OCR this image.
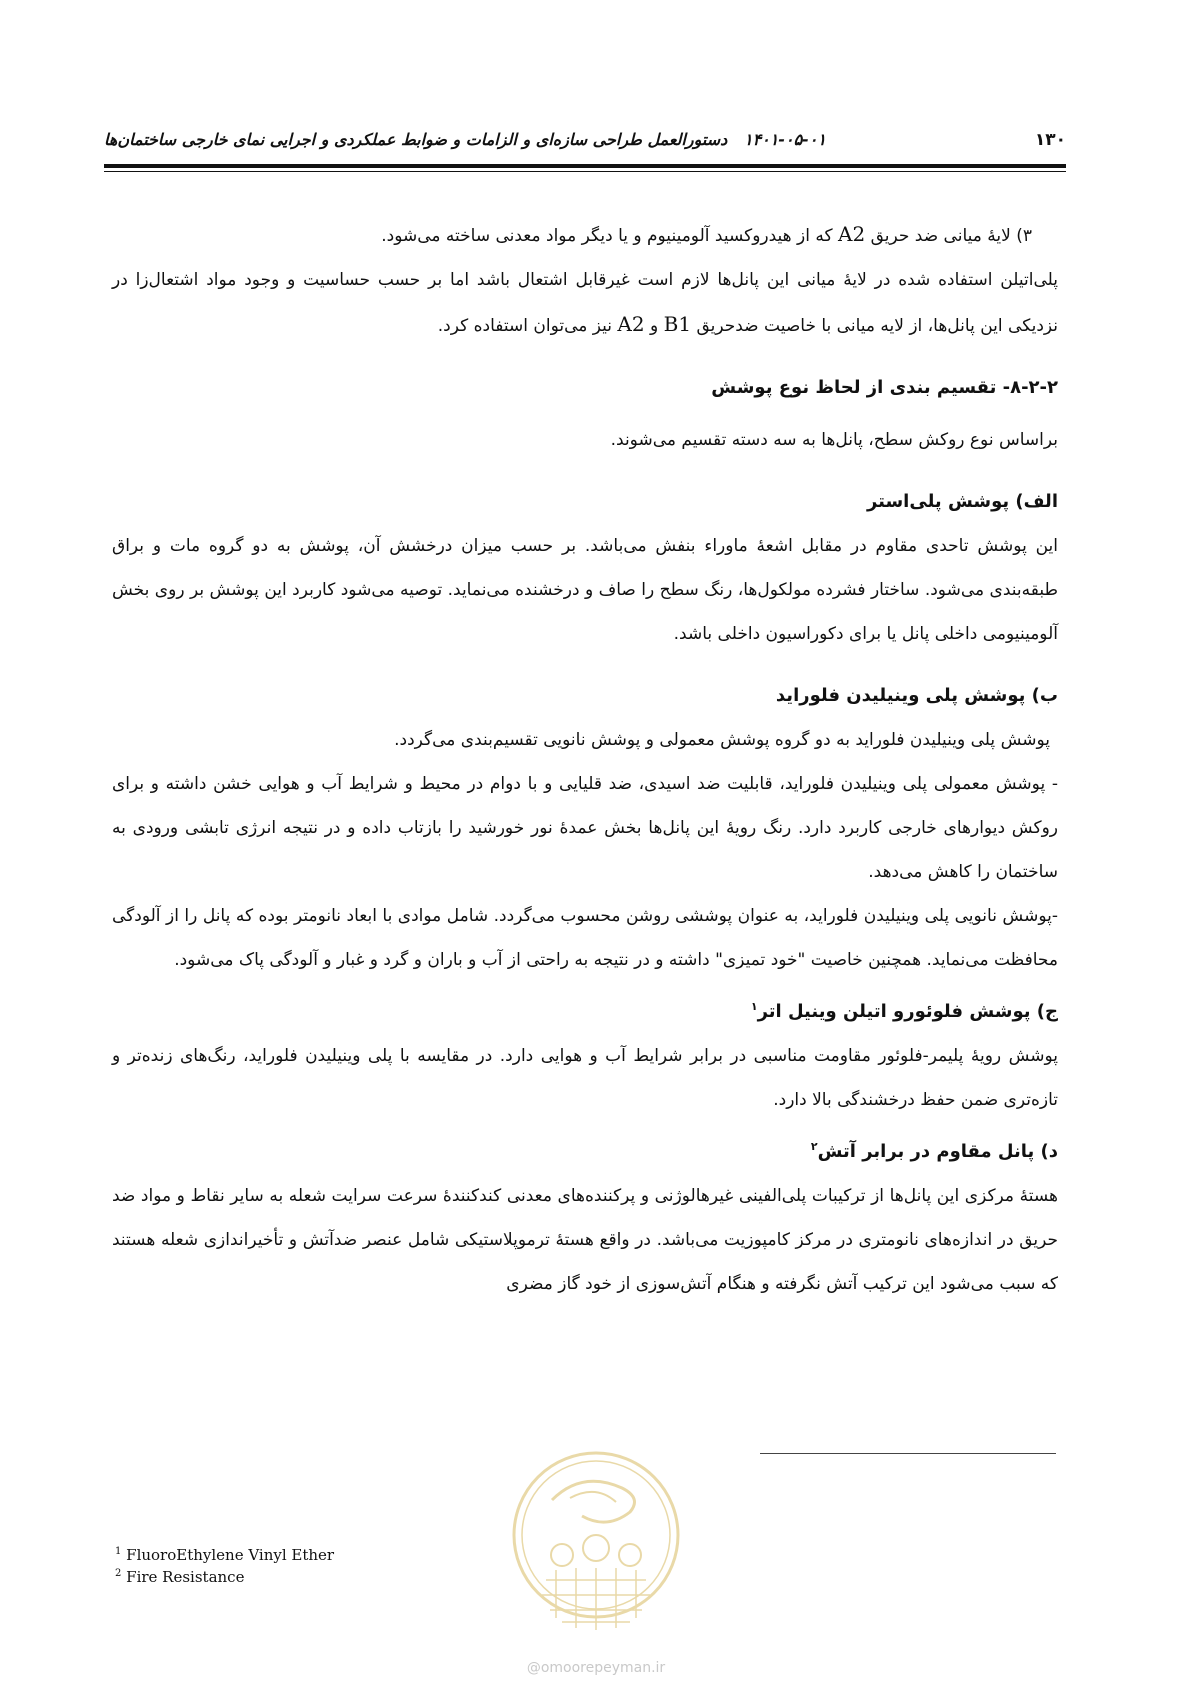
۱۳۰
۱۴۰۱-۰۵-۰۱
دستورالعمل طراحی سازه‌ای و الزامات و ضوابط عملکردی و اجرایی نمای خارجی ساختمان‌ها

۳) لایهٔ میانی ضد حریق A2 که از هیدروکسید آلومینیوم و یا دیگر مواد معدنی ساخته می‌شود.

پلی‌اتیلن استفاده شده در لایهٔ میانی این پانل‌ها لازم است غیرقابل اشتعال باشد اما بر حسب حساسیت و وجود مواد اشتعال‌زا در نزدیکی این پانل‌ها، از لایه میانی با خاصیت ضدحریق B1 و A2 نیز می‌توان استفاده کرد.

۸-۲-۲- تقسیم بندی از لحاظ نوع پوشش

براساس نوع روکش سطح، پانل‌ها به سه دسته تقسیم می‌شوند.

الف) پوشش پلی‌استر

این پوشش تاحدی مقاوم در مقابل اشعهٔ ماوراء بنفش می‌باشد. بر حسب میزان درخشش آن، پوشش به دو گروه مات و براق طبقه‌بندی می‌شود. ساختار فشرده مولکول‌ها، رنگ سطح را صاف و درخشنده می‌نماید. توصیه می‌شود کاربرد این پوشش بر روی بخش آلومینیومی داخلی پانل یا برای دکوراسیون داخلی باشد.

ب) پوشش پلی وینیلیدن فلوراید

پوشش پلی وینیلیدن فلوراید به دو گروه پوشش معمولی و پوشش نانویی تقسیم‌بندی می‌گردد.

- پوشش معمولی پلی وینیلیدن فلوراید، قابلیت ضد اسیدی، ضد قلیایی و با دوام در محیط و شرایط آب و هوایی خشن داشته و برای روکش دیوارهای خارجی کاربرد دارد. رنگ رویهٔ این پانل‌ها بخش عمدهٔ نور خورشید را بازتاب داده و در نتیجه انرژی تابشی ورودی به ساختمان را کاهش می‌دهد.

-پوشش نانویی پلی وینیلیدن فلوراید، به عنوان پوششی روشن محسوب می‌گردد. شامل موادی با ابعاد نانومتر بوده که پانل را از آلودگی محافظت می‌نماید. همچنین خاصیت "خود تمیزی" داشته و در نتیجه به راحتی از آب و باران و گرد و غبار و آلودگی پاک می‌شود.

ج) پوشش فلوئورو اتیلن وینیل اتر$^۱$

پوشش رویهٔ پلیمر-فلوئور مقاومت مناسبی در برابر شرایط آب و هوایی دارد. در مقایسه با پلی وینیلیدن فلوراید، رنگ‌های زنده‌تر و تازه‌تری ضمن حفظ درخشندگی بالا دارد.

د) پانل مقاوم در برابر آتش$^۲$

هستهٔ مرکزی این پانل‌ها از ترکیبات پلی‌الفینی غیرهالوژنی و پرکننده‌های معدنی کندکنندهٔ سرعت سرایت شعله به سایر نقاط و مواد ضد حریق در اندازه‌های نانومتری در مرکز کامپوزیت می‌باشد. در واقع هستهٔ ترموپلاستیکی شامل عنصر ضدآتش و تأخیراندازی شعله هستند که سبب می‌شود این ترکیب آتش نگرفته و هنگام آتش‌سوزی از خود گاز مضری

$^1$ FluoroEthylene Vinyl Ether
$^2$ Fire Resistance
@omoorepeyman.ir
